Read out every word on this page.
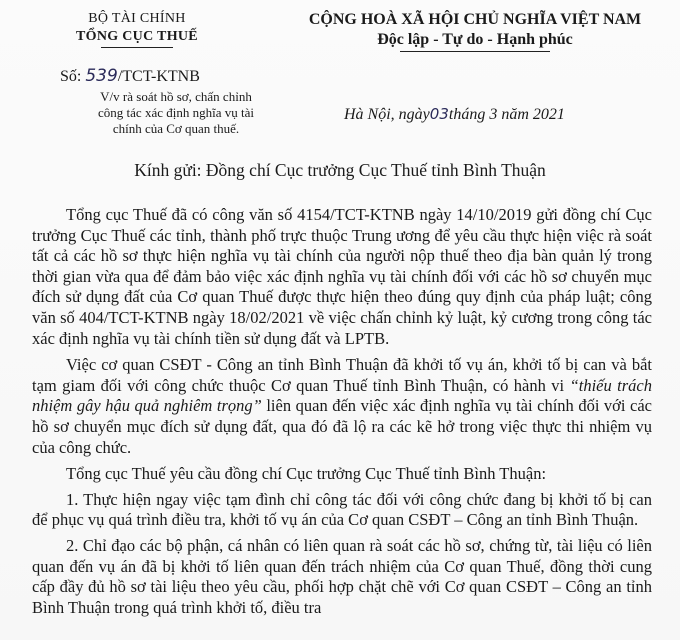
BỘ TÀI CHÍNH
TỔNG CỤC THUẾ
Số: 539/TCT-KTNB
V/v rà soát hồ sơ, chấn chỉnh
công tác xác định nghĩa vụ tài
chính của Cơ quan thuế.
CỘNG HOÀ XÃ HỘI CHỦ NGHĨA VIỆT NAM
Độc lập - Tự do - Hạnh phúc
Hà Nội, ngày03tháng 3 năm 2021
Kính gửi: Đồng chí Cục trưởng Cục Thuế tỉnh Bình Thuận

Tổng cục Thuế đã có công văn số 4154/TCT-KTNB ngày 14/10/2019 gửi đồng chí Cục trưởng Cục Thuế các tỉnh, thành phố trực thuộc Trung ương để yêu cầu thực hiện việc rà soát tất cả các hồ sơ thực hiện nghĩa vụ tài chính của người nộp thuế theo địa bàn quản lý trong thời gian vừa qua để đảm bảo việc xác định nghĩa vụ tài chính đối với các hồ sơ chuyển mục đích sử dụng đất của Cơ quan Thuế được thực hiện theo đúng quy định của pháp luật; công văn số 404/TCT-KTNB ngày 18/02/2021 về việc chấn chỉnh kỷ luật, kỷ cương trong công tác xác định nghĩa vụ tài chính tiền sử dụng đất và LPTB.

Việc cơ quan CSĐT - Công an tỉnh Bình Thuận đã khởi tố vụ án, khởi tố bị can và bắt tạm giam đối với công chức thuộc Cơ quan Thuế tỉnh Bình Thuận, có hành vi “thiếu trách nhiệm gây hậu quả nghiêm trọng” liên quan đến việc xác định nghĩa vụ tài chính đối với các hồ sơ chuyển mục đích sử dụng đất, qua đó đã lộ ra các kẽ hở trong việc thực thi nhiệm vụ của công chức.

Tổng cục Thuế yêu cầu đồng chí Cục trưởng Cục Thuế tỉnh Bình Thuận:

1. Thực hiện ngay việc tạm đình chỉ công tác đối với công chức đang bị khởi tố bị can để phục vụ quá trình điều tra, khởi tố vụ án của Cơ quan CSĐT – Công an tỉnh Bình Thuận.

2. Chỉ đạo các bộ phận, cá nhân có liên quan rà soát các hồ sơ, chứng từ, tài liệu có liên quan đến vụ án đã bị khởi tố liên quan đến trách nhiệm của Cơ quan Thuế, đồng thời cung cấp đầy đủ hồ sơ tài liệu theo yêu cầu, phối hợp chặt chẽ với Cơ quan CSĐT – Công an tỉnh Bình Thuận trong quá trình khởi tố, điều tra
